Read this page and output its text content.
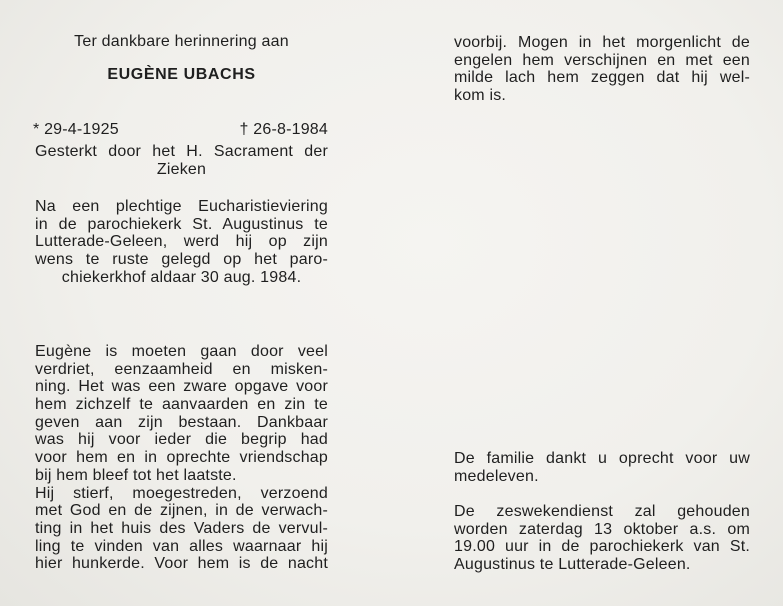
Ter dankbare herinnering aan
EUGÈNE UBACHS
* 29-4-1925	† 26-8-1984
Gesterkt door het H. Sacrament der
Zieken
Na een plechtige Eucharistieviering
in de parochiekerk St. Augustinus te
Lutterade-Geleen, werd hij op zijn
wens te ruste gelegd op het paro-
chiekerkhof aldaar 30 aug. 1984.
Eugène is moeten gaan door veel
verdriet, eenzaamheid en misken-
ning. Het was een zware opgave voor
hem zichzelf te aanvaarden en zin te
geven aan zijn bestaan. Dankbaar
was hij voor ieder die begrip had
voor hem en in oprechte vriendschap
bij hem bleef tot het laatste.
Hij stierf, moegestreden, verzoend
met God en de zijnen, in de verwach-
ting in het huis des Vaders de vervul-
ling te vinden van alles waarnaar hij
hier hunkerde. Voor hem is de nacht
voorbij. Mogen in het morgenlicht de
engelen hem verschijnen en met een
milde lach hem zeggen dat hij wel-
kom is.
De familie dankt u oprecht voor uw
medeleven.
De zeswekendienst zal gehouden
worden zaterdag 13 oktober a.s. om
19.00 uur in de parochiekerk van St.
Augustinus te Lutterade-Geleen.
